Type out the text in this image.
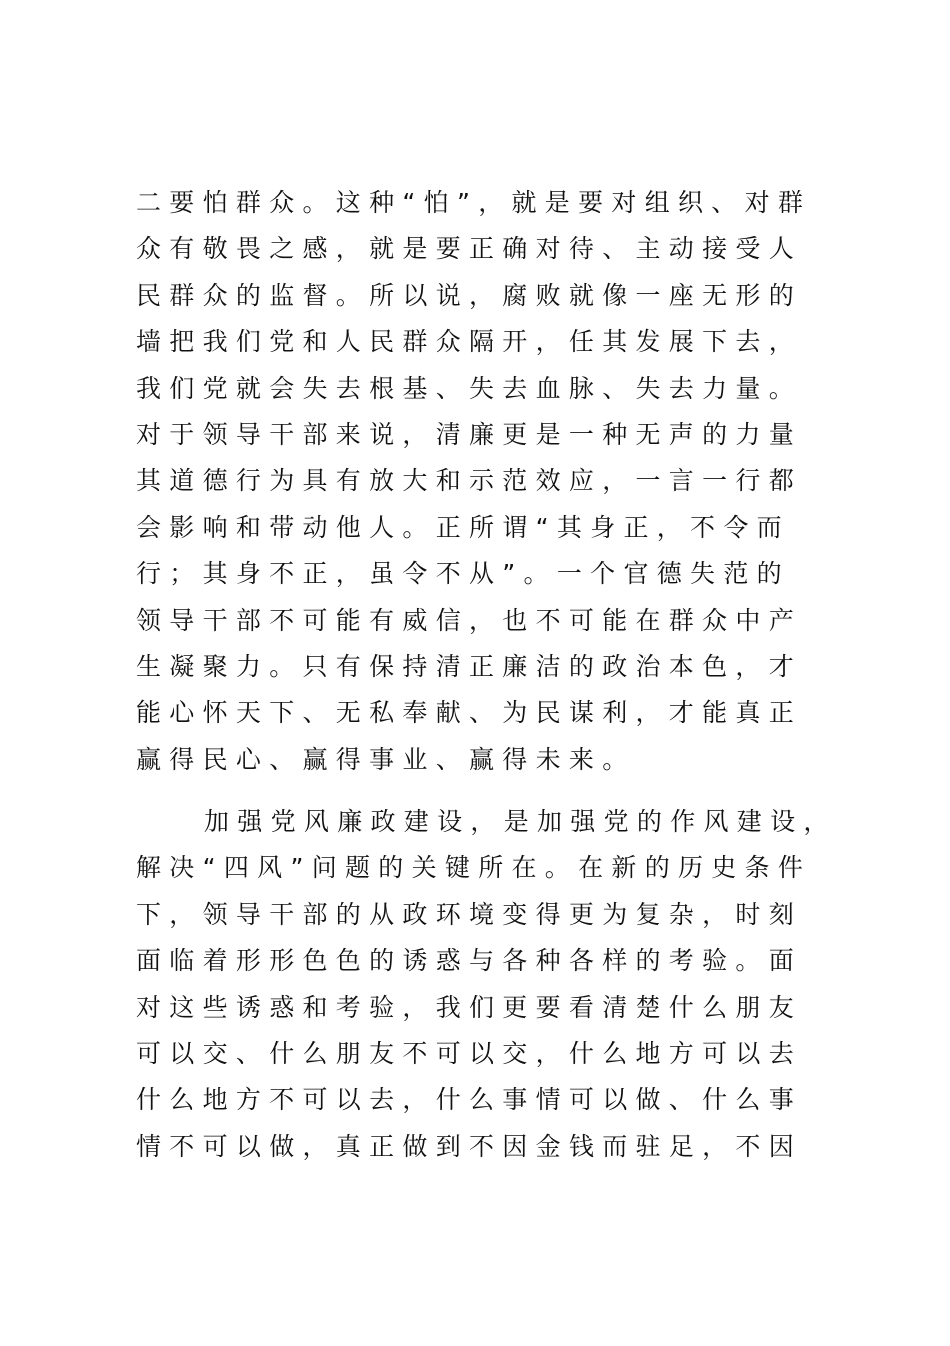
二要怕群众。这种“怕”，就是要对组织、对群
众有敬畏之感，就是要正确对待、主动接受人
民群众的监督。所以说，腐败就像一座无形的
墙把我们党和人民群众隔开，任其发展下去，
我们党就会失去根基、失去血脉、失去力量。
对于领导干部来说，清廉更是一种无声的力量
其道德行为具有放大和示范效应，一言一行都
会影响和带动他人。正所谓“其身正，不令而
行；其身不正，虽令不从”。一个官德失范的
领导干部不可能有威信，也不可能在群众中产
生凝聚力。只有保持清正廉洁的政治本色，才
能心怀天下、无私奉献、为民谋利，才能真正
赢得民心、赢得事业、赢得未来。
加强党风廉政建设，是加强党的作风建设，
解决“四风”问题的关键所在。在新的历史条件
下，领导干部的从政环境变得更为复杂，时刻
面临着形形色色的诱惑与各种各样的考验。面
对这些诱惑和考验，我们更要看清楚什么朋友
可以交、什么朋友不可以交，什么地方可以去
什么地方不可以去，什么事情可以做、什么事
情不可以做，真正做到不因金钱而驻足，不因
